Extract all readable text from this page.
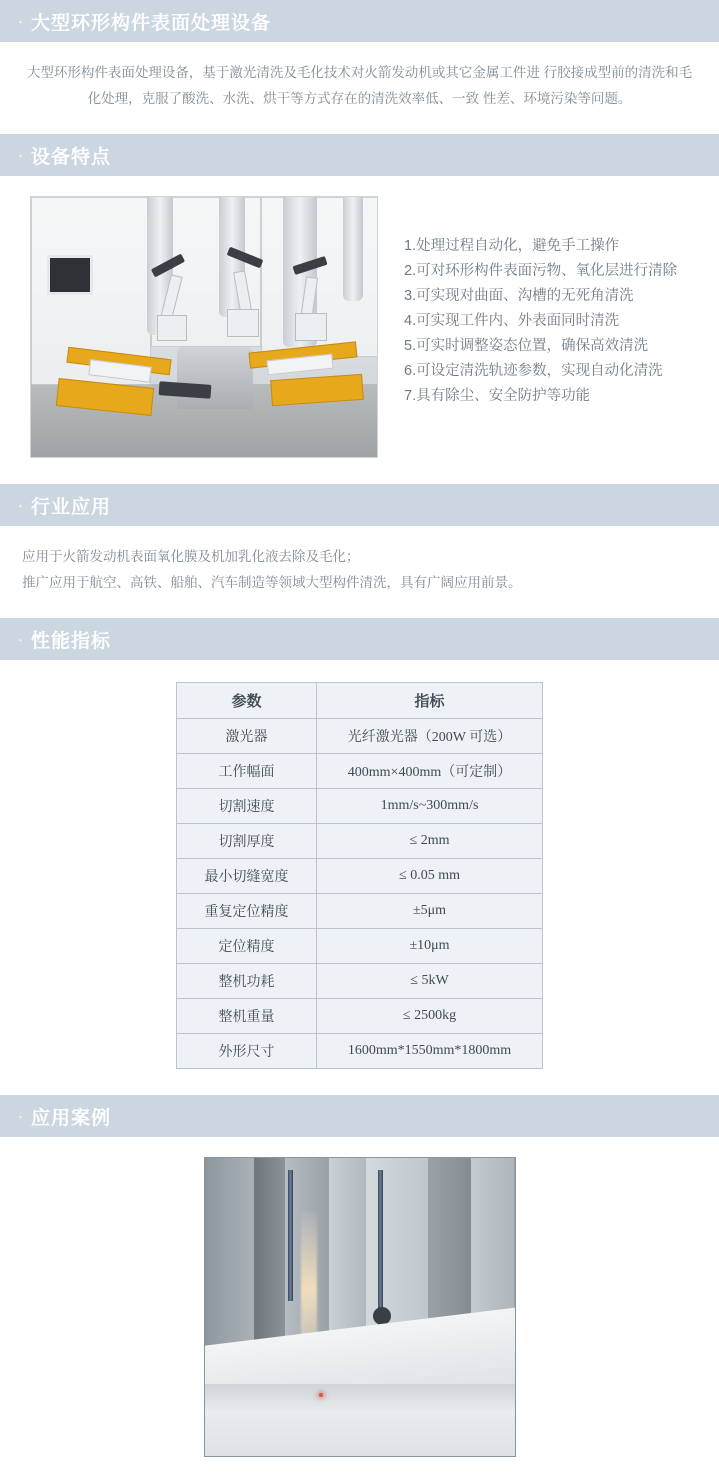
· 大型环形构件表面处理设备
大型环形构件表面处理设备，基于激光清洗及毛化技术对火箭发动机或其它金属工件进 行胶接成型前的清洗和毛化处理，克服了酸洗、水洗、烘干等方式存在的清洗效率低、一致 性差、环境污染等问题。
· 设备特点
1.处理过程自动化，避免手工操作
2.可对环形构件表面污物、氧化层进行清除
3.可实现对曲面、沟槽的无死角清洗
4.可实现工件内、外表面同时清洗
5.可实时调整姿态位置，确保高效清洗
6.可设定清洗轨迹参数，实现自动化清洗
7.具有除尘、安全防护等功能
· 行业应用
应用于火箭发动机表面氧化膜及机加乳化液去除及毛化；
推广应用于航空、高铁、船舶、汽车制造等领域大型构件清洗，具有广阔应用前景。
· 性能指标
参数	指标
激光器	光纤激光器（200W 可选）
工作幅面	400mm×400mm（可定制）
切割速度	1mm/s~300mm/s
切割厚度	≤ 2mm
最小切缝宽度	≤ 0.05 mm
重复定位精度	±5μm
定位精度	±10μm
整机功耗	≤ 5kW
整机重量	≤ 2500kg
外形尺寸	1600mm*1550mm*1800mm
· 应用案例
